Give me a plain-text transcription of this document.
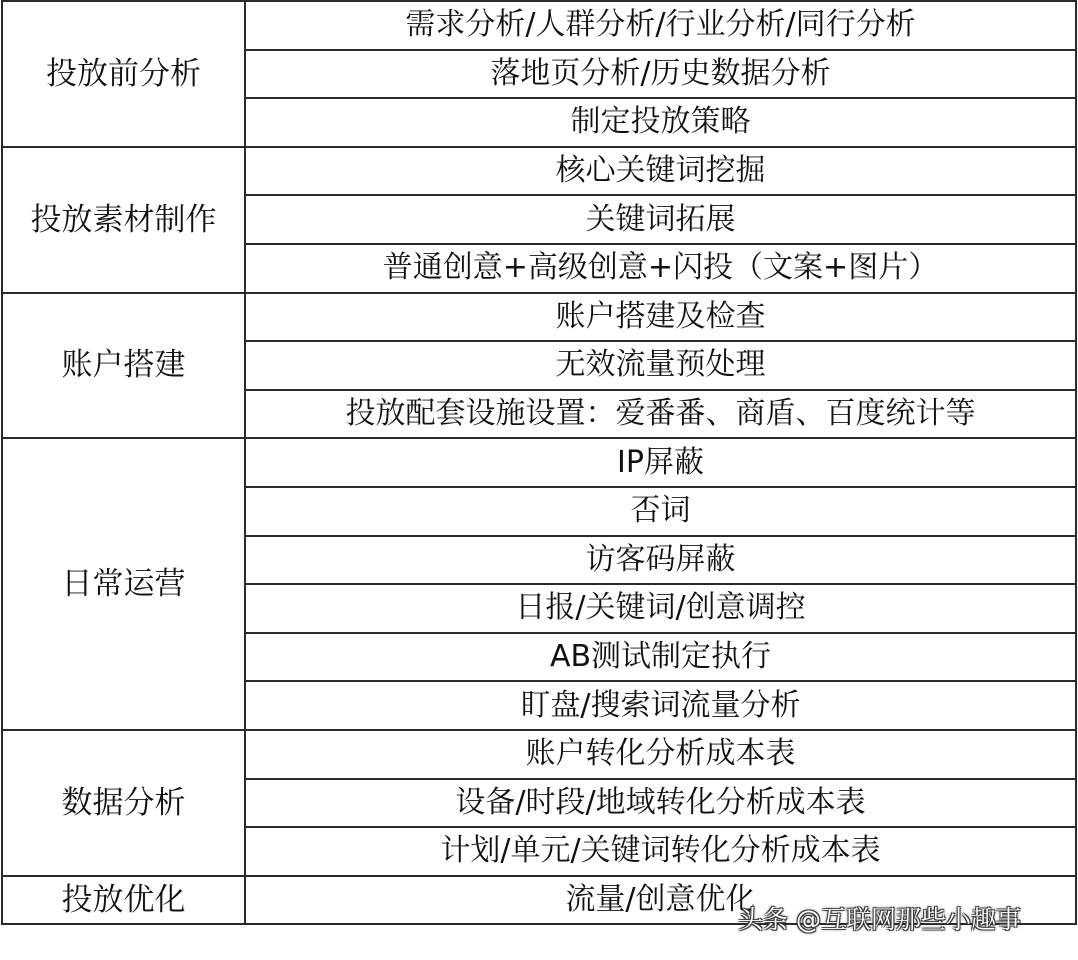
投放前分析	需求分析/人群分析/行业分析/同行分析
	落地页分析/历史数据分析
	制定投放策略
投放素材制作	核心关键词挖掘
	关键词拓展
	普通创意+高级创意+闪投（文案+图片）
账户搭建	账户搭建及检查
	无效流量预处理
	投放配套设施设置：爱番番、商盾、百度统计等
日常运营	IP屏蔽
	否词
	访客码屏蔽
	日报/关键词/创意调控
	AB测试制定执行
	盯盘/搜索词流量分析
数据分析	账户转化分析成本表
	设备/时段/地域转化分析成本表
	计划/单元/关键词转化分析成本表
投放优化	流量/创意优化
头条 @互联网那些小趣事
